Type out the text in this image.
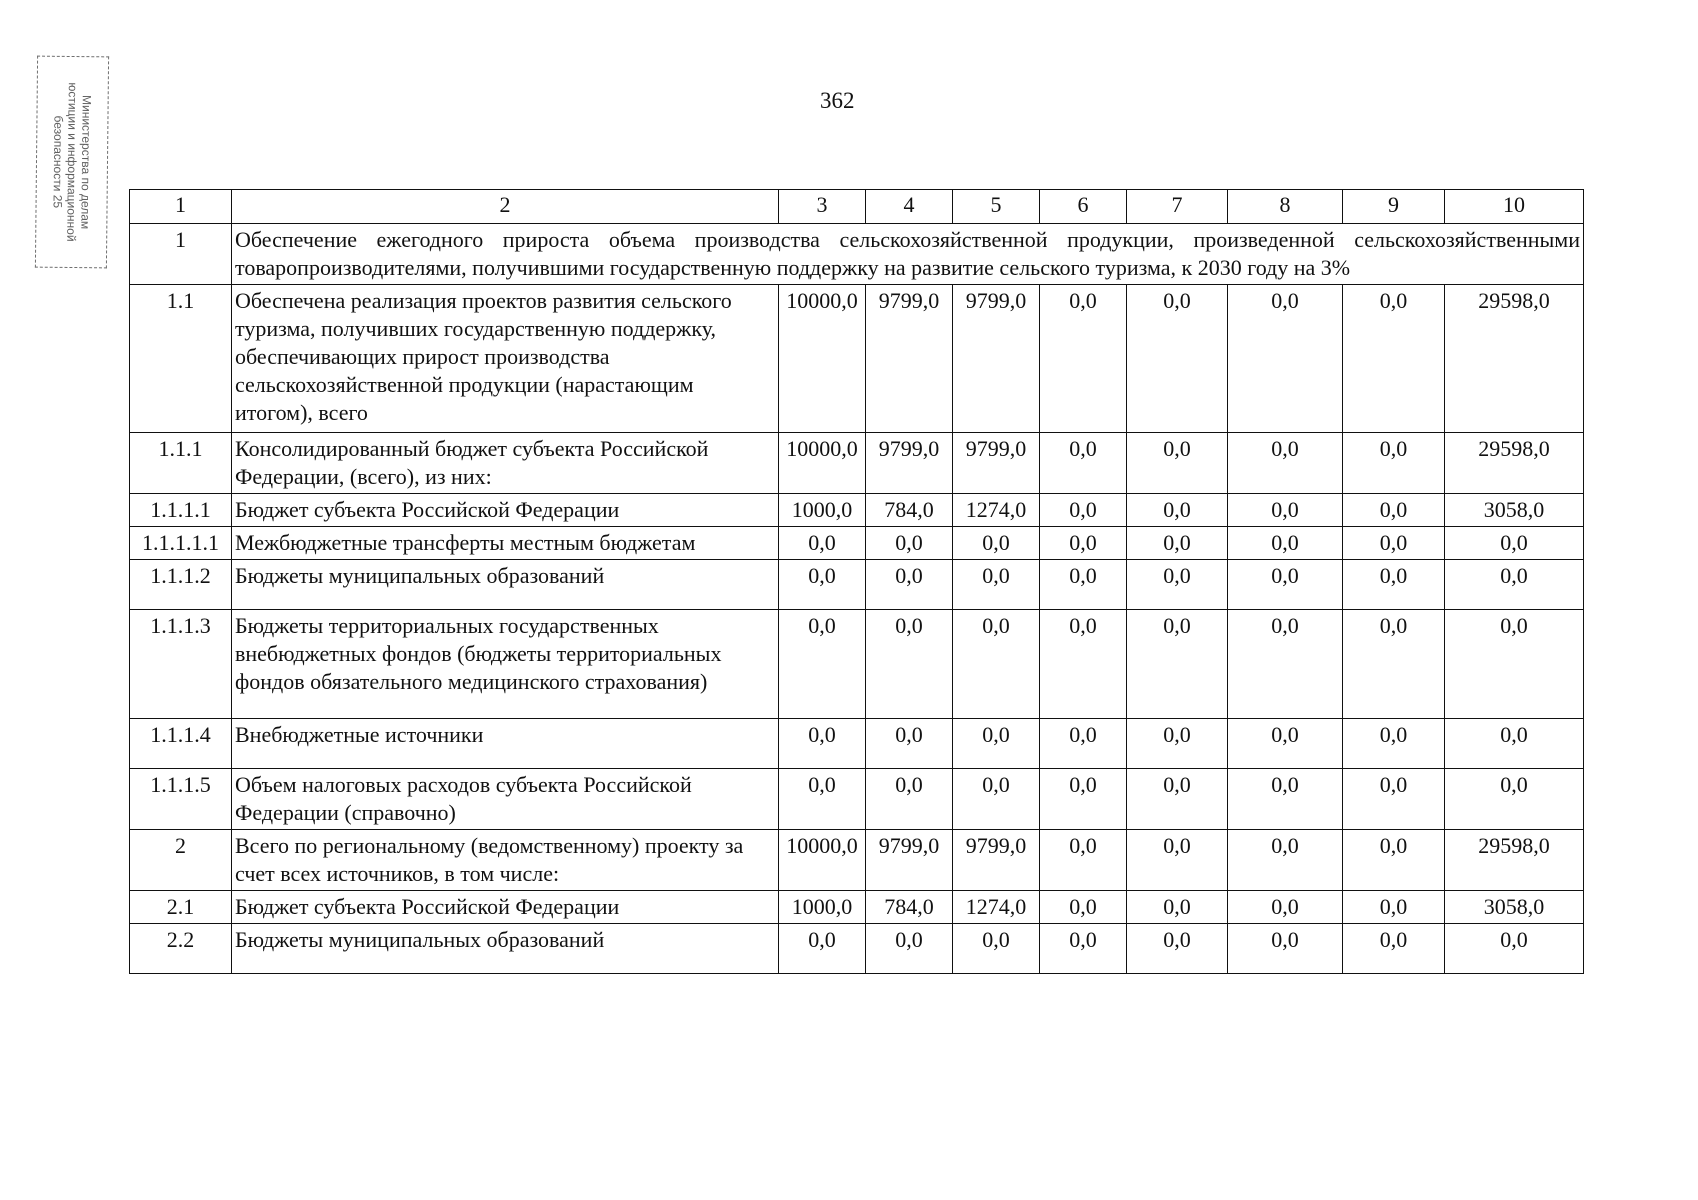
Министерства по делам
юстиции и информационной
безопасности 25
362
1	2	3	4	5	6	7	8	9	10
1	Обеспечение ежегодного прироста объема производства сельскохозяйственной продукции, произведенной сельскохозяйственными товаропроизводителями, получившими государственную поддержку на развитие сельского туризма, к 2030 году на 3%								
1.1	Обеспечена реализация проектов развития сельского туризма, получивших государственную поддержку, обеспечивающих прирост производства сельскохозяйственной продукции (нарастающим итогом), всего	10000,0	9799,0	9799,0	0,0	0,0	0,0	0,0	29598,0
1.1.1	Консолидированный бюджет субъекта Российской Федерации, (всего), из них:	10000,0	9799,0	9799,0	0,0	0,0	0,0	0,0	29598,0
1.1.1.1	Бюджет субъекта Российской Федерации	1000,0	784,0	1274,0	0,0	0,0	0,0	0,0	3058,0
1.1.1.1.1	Межбюджетные трансферты местным бюджетам	0,0	0,0	0,0	0,0	0,0	0,0	0,0	0,0
1.1.1.2	Бюджеты муниципальных образований	0,0	0,0	0,0	0,0	0,0	0,0	0,0	0,0
1.1.1.3	Бюджеты территориальных государственных внебюджетных фондов (бюджеты территориальных фондов обязательного медицинского страхования)	0,0	0,0	0,0	0,0	0,0	0,0	0,0	0,0
1.1.1.4	Внебюджетные источники	0,0	0,0	0,0	0,0	0,0	0,0	0,0	0,0
1.1.1.5	Объем налоговых расходов субъекта Российской Федерации (справочно)	0,0	0,0	0,0	0,0	0,0	0,0	0,0	0,0
2	Всего по региональному (ведомственному) проекту за счет всех источников, в том числе:	10000,0	9799,0	9799,0	0,0	0,0	0,0	0,0	29598,0
2.1	Бюджет субъекта Российской Федерации	1000,0	784,0	1274,0	0,0	0,0	0,0	0,0	3058,0
2.2	Бюджеты муниципальных образований	0,0	0,0	0,0	0,0	0,0	0,0	0,0	0,0
